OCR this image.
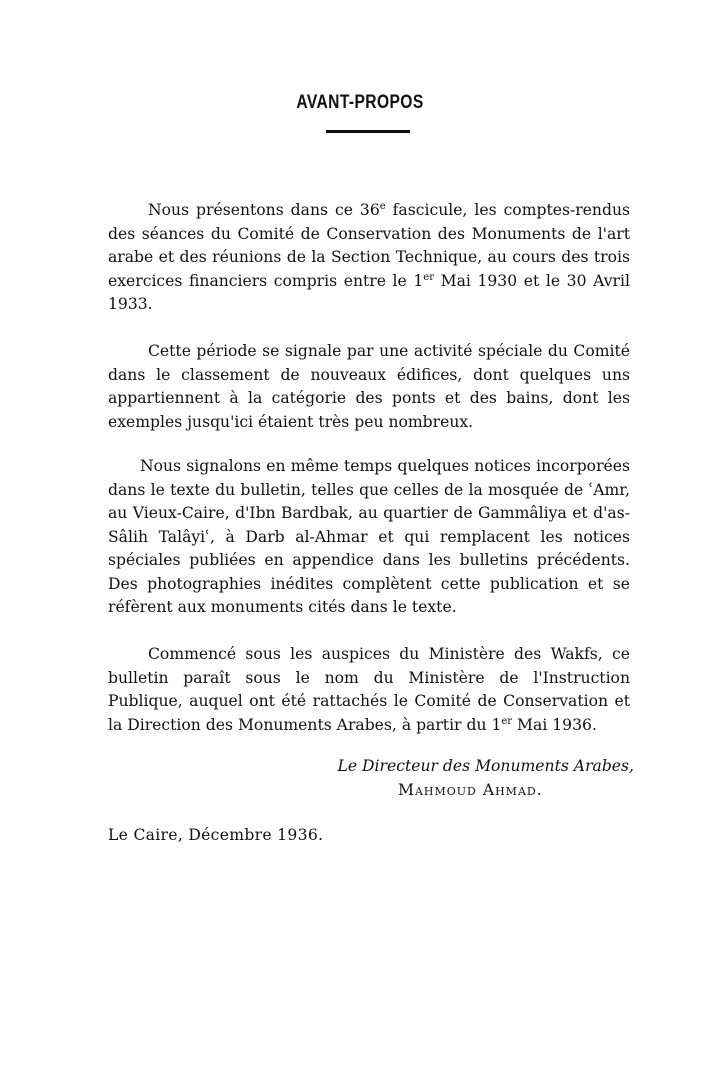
AVANT-PROPOS

Nous présentons dans ce 36e fascicule, les comptes-rendus des séances du Comité de Conservation des Monuments de l'art arabe et des réunions de la Section Technique, au cours des trois exercices financiers compris entre le 1er Mai 1930 et le 30 Avril 1933.

Cette période se signale par une activité spéciale du Comité dans le classement de nouveaux édifices, dont quelques uns appartiennent à la catégorie des ponts et des bains, dont les exemples jusqu'ici étaient très peu nombreux.

Nous signalons en même temps quelques notices incorporées dans le texte du bulletin, telles que celles de la mosquée de ʿAmr, au Vieux-Caire, d'Ibn Bardbak, au quartier de Gammâliya et d'as-Sâlih Talâyiʿ, à Darb al-Ahmar et qui remplacent les notices spéciales publiées en appendice dans les bulletins précédents. Des photographies inédites complètent cette publication et se réfèrent aux monuments cités dans le texte.

Commencé sous les auspices du Ministère des Wakfs, ce bulletin paraît sous le nom du Ministère de l'Instruction Publique, auquel ont été rattachés le Comité de Conservation et la Direction des Monuments Arabes, à partir du 1er Mai 1936.

Le Directeur des Monuments Arabes,
Mahmoud Ahmad.
Le Caire, Décembre 1936.
